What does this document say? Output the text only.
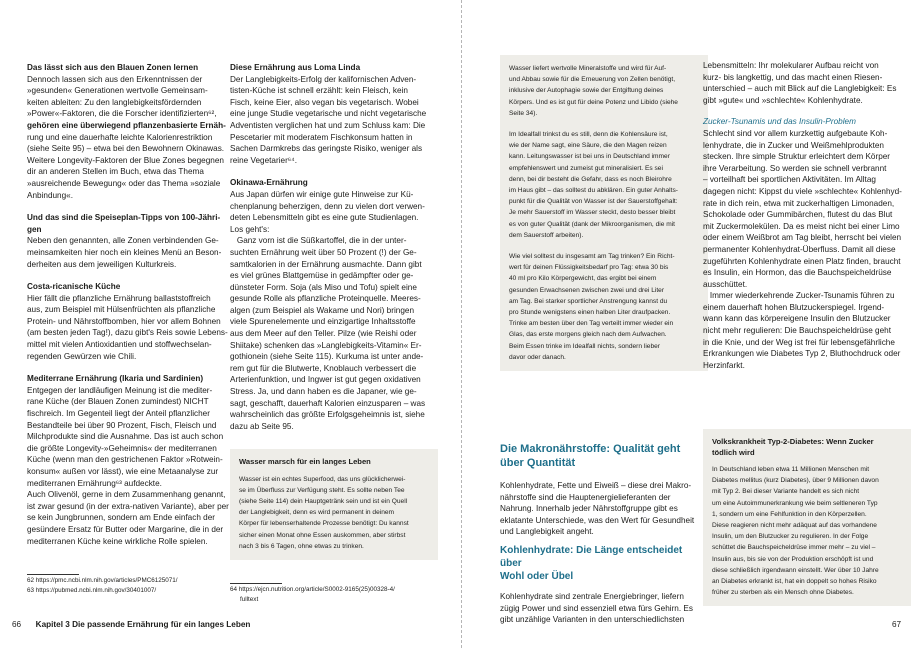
Das lässt sich aus den Blauen Zonen lernen

Dennoch lassen sich aus den Erkenntnissen der

»gesunden« Generationen wertvolle Gemeinsam-

keiten ableiten: Zu den langlebigkeitsfördernden

»Power«-Faktoren, die die Forscher identifizierten⁶²,

gehören eine überwiegend pflanzenbasierte Ernäh-

rung und eine dauerhafte leichte Kalorienrestriktion

(siehe Seite 95) – etwa bei den Bewohnern Okinawas.

Weitere Longevity-Faktoren der Blue Zones begegnen

dir an anderen Stellen im Buch, etwa das Thema

»ausreichende Bewegung« oder das Thema »soziale

Anbindung«.

Und das sind die Speiseplan-Tipps von 100-Jähri-

gen

Neben den genannten, alle Zonen verbindenden Ge-

meinsamkeiten hier noch ein kleines Menü an Beson-

derheiten aus dem jeweiligen Kulturkreis.

Costa-ricanische Küche

Hier fällt die pflanzliche Ernährung ballaststoffreich

aus, zum Beispiel mit Hülsenfrüchten als pflanzliche

Protein- und Nährstoffbomben, hier vor allem Bohnen

(am besten jeden Tag!), dazu gibt's Reis sowie Lebens-

mittel mit vielen Antioxidantien und stoffwechselan-

regenden Gewürzen wie Chili.

Mediterrane Ernährung (Ikaria und Sardinien)

Entgegen der landläufigen Meinung ist die mediter-

rane Küche (der Blauen Zonen zumindest) NICHT

fischreich. Im Gegenteil liegt der Anteil pflanzlicher

Bestandteile bei über 90 Prozent, Fisch, Fleisch und

Milchprodukte sind die Ausnahme. Das ist auch schon

die größte Longevity-»Geheimnis« der mediterranen

Küche (wenn man den gestrichenen Faktor »Rotwein-

konsum« außen vor lässt), wie eine Metaanalyse zur

mediterranen Ernährung⁶³ aufdeckte.

Auch Olivenöl, gerne in dem Zusammenhang genannt,

ist zwar gesund (in der extra-nativen Variante), aber per

se kein Jungbrunnen, sondern am Ende einfach der

gesündere Ersatz für Butter oder Margarine, die in der

mediterranen Küche keine wirkliche Rolle spielen.

62 https://pmc.ncbi.nlm.nih.gov/articles/PMC6125071/
63 https://pubmed.ncbi.nlm.nih.gov/30401007/

Diese Ernährung aus Loma Linda

Der Langlebigkeits-Erfolg der kalifornischen Adven-

tisten-Küche ist schnell erzählt: kein Fleisch, kein

Fisch, keine Eier, also vegan bis vegetarisch. Wobei

eine junge Studie vegetarische und nicht vegetarische

Adventisten verglichen hat und zum Schluss kam: Die

Pescetarier mit moderatem Fischkonsum hatten in

Sachen Darmkrebs das geringste Risiko, weniger als

reine Vegetarier⁶⁴.

Okinawa-Ernährung

Aus Japan dürfen wir einige gute Hinweise zur Kü-

chenplanung beherzigen, denn zu vielen dort verwen-

deten Lebensmitteln gibt es eine gute Studienlagen.

Los geht's:

Ganz vorn ist die Süßkartoffel, die in der unter-

suchten Ernährung weit über 50 Prozent (!) der Ge-

samtkalorien in der Ernährung ausmachte. Dann gibt

es viel grünes Blattgemüse in gedämpfter oder ge-

dünsteter Form. Soja (als Miso und Tofu) spielt eine

gesunde Rolle als pflanzliche Proteinquelle. Meeres-

algen (zum Beispiel als Wakame und Nori) bringen

viele Spurenelemente und einzigartige Inhaltsstoffe

aus dem Meer auf den Teller. Pilze (wie Reishi oder

Shiitake) schenken das »Langlebigkeits-Vitamin« Er-

gothionein (siehe Seite 115). Kurkuma ist unter ande-

rem gut für die Blutwerte, Knoblauch verbessert die

Arterienfunktion, und Ingwer ist gut gegen oxidativen

Stress. Ja, und dann haben es die Japaner, wie ge-

sagt, geschafft, dauerhaft Kalorien einzusparen – was

wahrscheinlich das größte Erfolgsgeheimnis ist, siehe

dazu ab Seite 95.

Wasser marsch für ein langes Leben

Wasser ist ein echtes Superfood, das uns glücklicherwei-

se im Überfluss zur Verfügung steht. Es sollte neben Tee

(siehe Seite 114) dein Hauptgetränk sein und ist ein Quell

der Langlebigkeit, denn es wird permanent in deinem

Körper für lebenserhaltende Prozesse benötigt: Du kannst

sicher einen Monat ohne Essen auskommen, aber stirbst

nach 3 bis 6 Tagen, ohne etwas zu trinken.

64 https://ejcn.nutrition.org/article/S0002-9165(25)00328-4/
fulltext
66 Kapitel 3 Die passende Ernährung für ein langes Leben

Wasser liefert wertvolle Mineralstoffe und wird für Auf-

und Abbau sowie für die Erneuerung von Zellen benötigt,

inklusive der Autophagie sowie der Entgiftung deines

Körpers. Und es ist gut für deine Potenz und Libido (siehe

Seite 34).

Im Idealfall trinkst du es still, denn die Kohlensäure ist,

wie der Name sagt, eine Säure, die den Magen reizen

kann. Leitungswasser ist bei uns in Deutschland immer

empfehlenswert und zumeist gut mineralisiert. Es sei

denn, bei dir besteht die Gefahr, dass es noch Bleirohre

im Haus gibt – das solltest du abklären. Ein guter Anhalts-

punkt für die Qualität von Wasser ist der Sauerstoffgehalt:

Je mehr Sauerstoff im Wasser steckt, desto besser bleibt

es von guter Qualität (dank der Mikroorganismen, die mit

dem Sauerstoff arbeiten).

Wie viel solltest du insgesamt am Tag trinken? Ein Richt-

wert für deinen Flüssigkeitsbedarf pro Tag: etwa 30 bis

40 ml pro Kilo Körpergewicht, das ergibt bei einem

gesunden Erwachsenen zwischen zwei und drei Liter

am Tag. Bei starker sportlicher Anstrengung kannst du

pro Stunde wenigstens einen halben Liter draufpacken.

Trinke am besten über den Tag verteilt immer wieder ein

Glas, das erste morgens gleich nach dem Aufwachen.

Beim Essen trinke im Idealfall nichts, sondern lieber

davor oder danach.

Die Makronährstoffe: Qualität geht

über Quantität

Kohlenhydrate, Fette und Eiweiß – diese drei Makro-

nährstoffe sind die Hauptenergielieferanten der

Nahrung. Innerhalb jeder Nährstoffgruppe gibt es

eklatante Unterschiede, was den Wert für Gesundheit

und Langlebigkeit angeht.

Kohlenhydrate: Die Länge entscheidet über

Wohl oder Übel

Kohlenhydrate sind zentrale Energiebringer, liefern

zügig Power und sind essenziell etwa fürs Gehirn. Es

gibt unzählige Varianten in den unterschiedlichsten

Lebensmitteln: Ihr molekularer Aufbau reicht von

kurz- bis langkettig, und das macht einen Riesen-

unterschied – auch mit Blick auf die Langlebigkeit: Es

gibt »gute« und »schlechte« Kohlenhydrate.

Zucker-Tsunamis und das Insulin-Problem

Schlecht sind vor allem kurzkettig aufgebaute Koh-

lenhydrate, die in Zucker und Weißmehlprodukten

stecken. Ihre simple Struktur erleichtert dem Körper

ihre Verarbeitung. So werden sie schnell verbrannt

– vorteilhaft bei sportlichen Aktivitäten. Im Alltag

dagegen nicht: Kippst du viele »schlechte« Kohlenhyd-

rate in dich rein, etwa mit zuckerhaltigen Limonaden,

Schokolade oder Gummibärchen, flutest du das Blut

mit Zuckermolekülen. Da es meist nicht bei einer Limo

oder einem Weißbrot am Tag bleibt, herrscht bei vielen

permanenter Kohlenhydrat-Überfluss. Damit all diese

zugeführten Kohlenhydrate einen Platz finden, braucht

es Insulin, ein Hormon, das die Bauchspeicheldrüse

ausschüttet.

Immer wiederkehrende Zucker-Tsunamis führen zu

einem dauerhaft hohen Blutzuckerspiegel. Irgend-

wann kann das körpereigene Insulin den Blutzucker

nicht mehr regulieren: Die Bauchspeicheldrüse geht

in die Knie, und der Weg ist frei für lebensgefährliche

Erkrankungen wie Diabetes Typ 2, Bluthochdruck oder

Herzinfarkt.

Volkskrankheit Typ-2-Diabetes: Wenn Zucker
tödlich wird

In Deutschland leben etwa 11 Millionen Menschen mit

Diabetes mellitus (kurz Diabetes), über 9 Millionen davon

mit Typ 2. Bei dieser Variante handelt es sich nicht

um eine Autoimmunerkrankung wie beim seltleneren Typ

1, sondern um eine Fehlfunktion in den Körperzellen.

Diese reagieren nicht mehr adäquat auf das vorhandene

Insulin, um den Blutzucker zu regulieren. In der Folge

schüttet die Bauchspeicheldrüse immer mehr – zu viel –

Insulin aus, bis sie von der Produktion erschöpft ist und

diese schließlich irgendwann einstellt. Wer über 10 Jahre

an Diabetes erkrankt ist, hat ein doppelt so hohes Risiko

früher zu sterben als ein Mensch ohne Diabetes.

67
